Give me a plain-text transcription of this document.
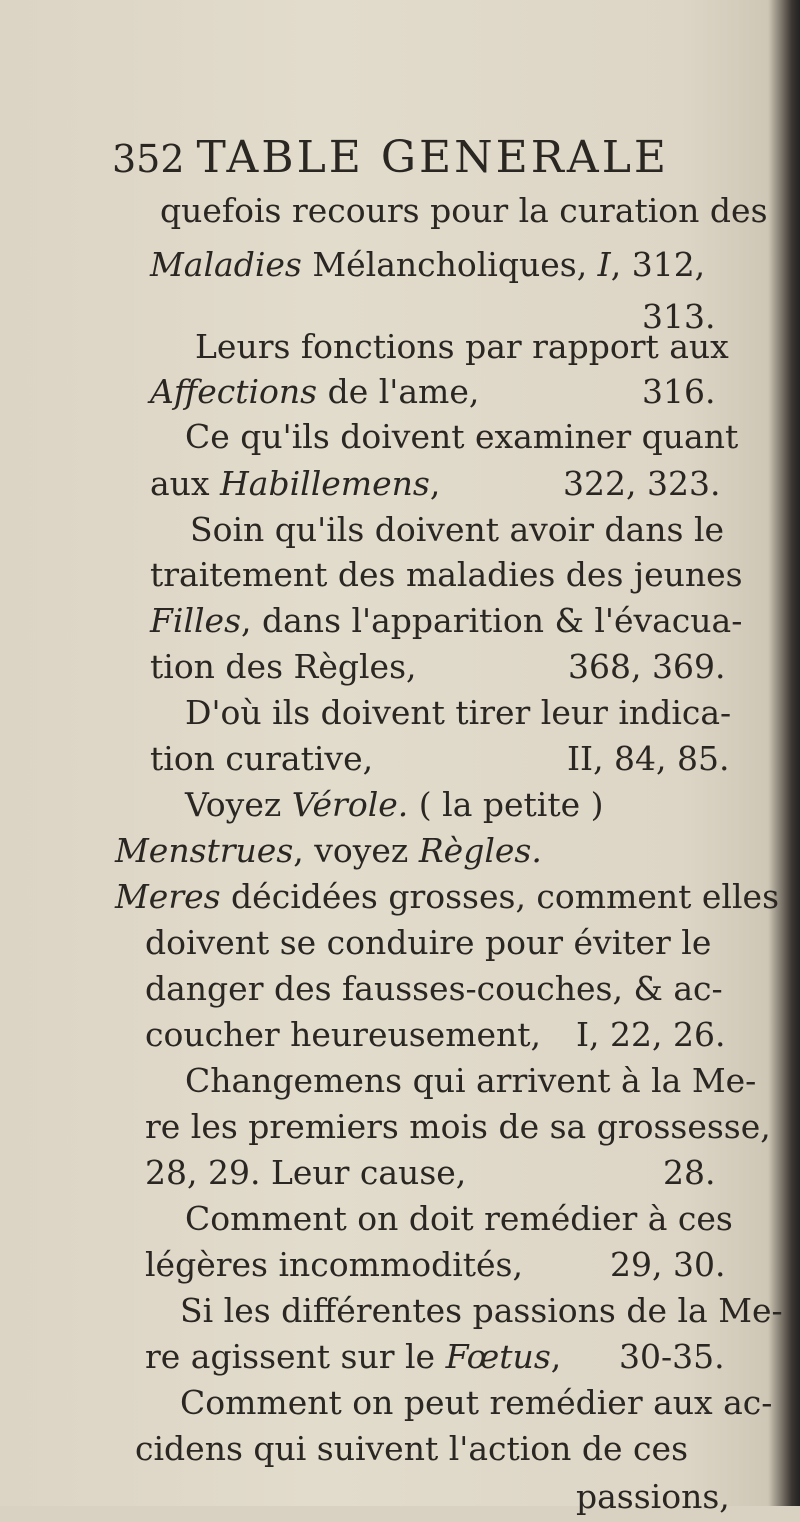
352 TABLE GENERALE
quefois recours pour la curation des
Maladies Mélancholiques, I, 312,
313.
Leurs fonctions par rapport aux
Affections de l'ame,	316.
Ce qu'ils doivent examiner quant
aux Habillemens,	322, 323.
Soin qu'ils doivent avoir dans le
traitement des maladies des jeunes
Filles, dans l'apparition & l'évacua-
tion des Règles,	368, 369.
D'où ils doivent tirer leur indica-
tion curative,	II, 84, 85.
Voyez Vérole. ( la petite )
Menstrues, voyez Règles.
Meres décidées grosses, comment elles
doivent se conduire pour éviter le
danger des fausses-couches, & ac-
coucher heureusement, I, 22, 26.
Changemens qui arrivent à la Me-
re les premiers mois de sa grossesse,
28, 29. Leur cause,	28.
Comment on doit remédier à ces
légères incommodités,	29, 30.
Si les différentes passions de la Me-
re agissent sur le Fœtus, 30-35.
Comment on peut remédier aux ac-
cidens qui suivent l'action de ces
passions,
